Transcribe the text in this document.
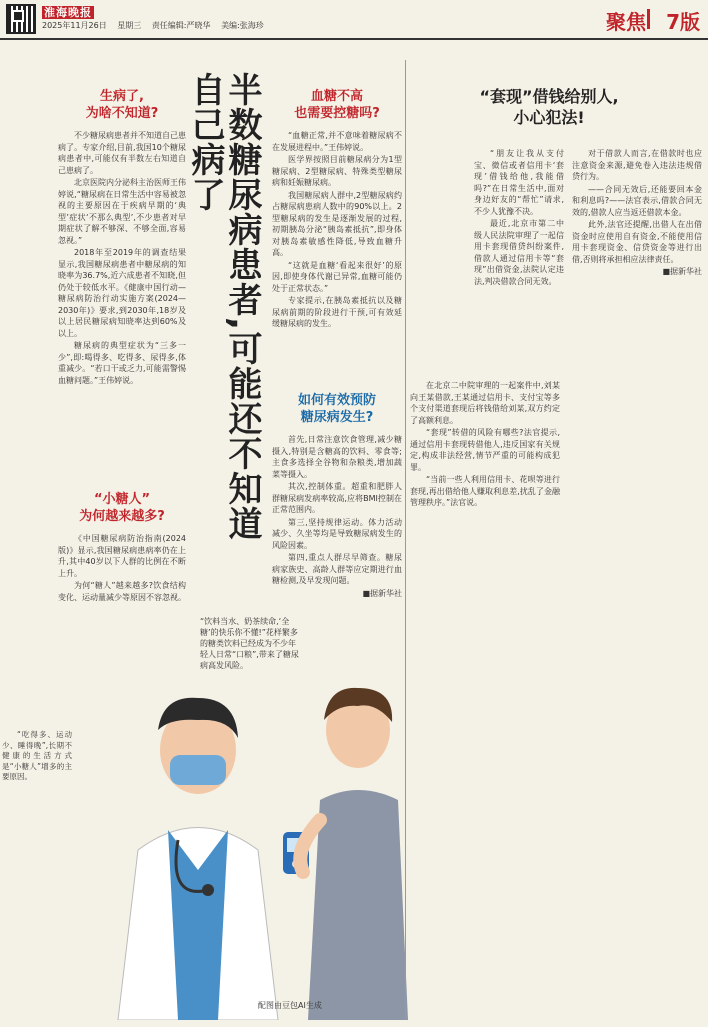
淮海晚报
2025年11月26日 星期三 责任编辑:严晓华 美编:张海珍	聚焦 7版
半数糖尿病患者,可能还不知道自己病了
生病了,
为啥不知道?

不少糖尿病患者并不知道自己患病了。专家介绍,目前,我国10个糖尿病患者中,可能仅有半数左右知道自己患病了。

北京医院内分泌科主治医师王伟婷说,“糖尿病在日常生活中容易被忽视的主要原因在于疾病早期的‘典型’症状‘不那么典型’,不少患者对早期症状了解不够深、不够全面,容易忽视。”

2018年至2019年的调查结果显示,我国糖尿病患者中糖尿病的知晓率为36.7%,近六成患者不知晓,但仍处于较低水平。《健康中国行动—糖尿病防治行动实施方案(2024—2030年)》要求,到2030年,18岁及以上居民糖尿病知晓率达到60%及以上。

糖尿病的典型症状为“三多一少”,即:喝得多、吃得多、尿得多,体重减少。“若口干或乏力,可能需警惕血糖问题。”王伟婷说。

“小糖人”
为何越来越多?

《中国糖尿病防治指南(2024版)》显示,我国糖尿病患病率仍在上升,其中40岁以下人群的比例在不断上升。

为何“糖人”越来越多?饮食结构变化、运动量减少等原因不容忽视。

“吃得多、运动少、睡得晚”,长期不健康的生活方式是“小糖人”增多的主要原因。

血糖不高
也需要控糖吗?

“血糖正常,并不意味着糖尿病不在发展进程中。”王伟婷说。

医学界按照目前糖尿病分为1型糖尿病、2型糖尿病、特殊类型糖尿病和妊娠糖尿病。

我国糖尿病人群中,2型糖尿病约占糖尿病患病人数中的90%以上。2型糖尿病的发生是逐渐发展的过程,初期胰岛分泌“胰岛素抵抗”,即身体对胰岛素敏感性降低,导致血糖升高。

“这就是血糖‘看起来很好’的原因,即使身体代谢已异常,血糖可能仍处于正常状态。”

专家提示,在胰岛素抵抗以及糖尿病前期的阶段进行干预,可有效延缓糖尿病的发生。

如何有效预防
糖尿病发生?

首先,日常注意饮食管理,减少糖摄入,特别是含糖高的饮料、零食等;主食多选择全谷物和杂粮类,增加蔬菜等摄入。

其次,控制体重。超重和肥胖人群糖尿病发病率较高,应将BMI控制在正常范围内。

第三,坚持规律运动。体力活动减少、久坐等均是导致糖尿病发生的风险因素。

第四,重点人群尽早筛查。糖尿病家族史、高龄人群等应定期进行血糖检测,及早发现问题。

■据新华社

“饮料当水、奶茶续命,‘全糖’的快乐你不懂!”花样繁多的糖类饮料已经成为不少年轻人日常“口粮”,带来了糖尿病高发风险。
配图由豆包AI生成
“套现”借钱给别人,
小心犯法!

“朋友让我从支付宝、微信或者信用卡‘套现’借钱给他,我能借吗?”在日常生活中,面对身边好友的“帮忙”请求,不少人犹豫不决。

最近,北京市第二中级人民法院审理了一起信用卡套现借贷纠纷案件,借款人通过信用卡等“套现”出借资金,法院认定违法,判决借款合同无效。

在北京二中院审理的一起案件中,刘某向王某借款,王某通过信用卡、支付宝等多个支付渠道套现后将钱借给刘某,双方约定了高额利息。

“套现”转借的风险有哪些?法官提示,通过信用卡套现转借他人,违反国家有关规定,构成非法经营,情节严重的可能构成犯罪。

“当前一些人利用信用卡、花呗等进行套现,再出借给他人赚取利息差,扰乱了金融管理秩序。”法官说。

对于借款人而言,在借款时也应注意资金来源,避免卷入违法违规借贷行为。

——合同无效后,还能要回本金和利息吗?——法官表示,借款合同无效的,借款人应当返还借款本金。

此外,法官还提醒,出借人在出借资金时应使用自有资金,不能使用信用卡套现资金、信贷资金等进行出借,否则将承担相应法律责任。

■据新华社
